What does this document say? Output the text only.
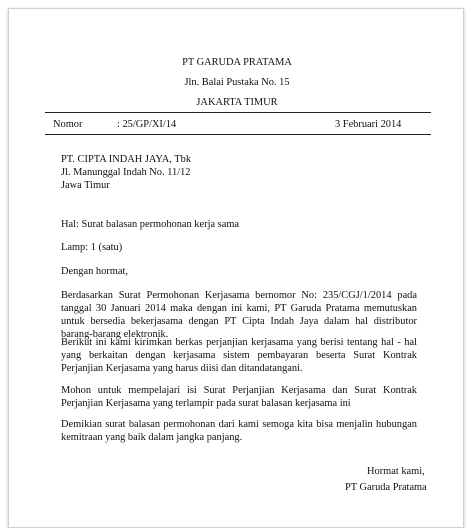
PT GARUDA PRATAMA
Jln. Balai Pustaka No. 15
JAKARTA TIMUR
Nomor	: 25/GP/XI/14	3 Februari 2014
PT. CIPTA INDAH JAYA, Tbk
Jl. Manunggal Indah No. 11/12
Jawa Timur
Hal: Surat balasan permohonan kerja sama
Lamp: 1 (satu)
Dengan hormat,
Berdasarkan Surat Permohonan Kerjasama bernomor No: 235/CGJ/1/2014 pada tanggal 30 Januari 2014 maka dengan ini kami, PT Garuda Pratama memutuskan untuk bersedia bekerjasama dengan PT Cipta Indah Jaya dalam hal distributor barang-barang elektronik.
Berikut ini kami kirimkan berkas perjanjian kerjasama yang berisi tentang hal - hal yang berkaitan dengan kerjasama sistem pembayaran beserta Surat Kontrak Perjanjian Kerjasama yang harus diisi dan ditandatangani.
Mohon untuk mempelajari isi Surat Perjanjian Kerjasama dan Surat Kontrak Perjanjian Kerjasama yang terlampir pada surat balasan kerjasama ini
Demikian surat balasan permohonan dari kami semoga kita bisa menjalin hubungan kemitraan yang baik dalam jangka panjang.
Hormat kami,
PT Garuda Pratama
